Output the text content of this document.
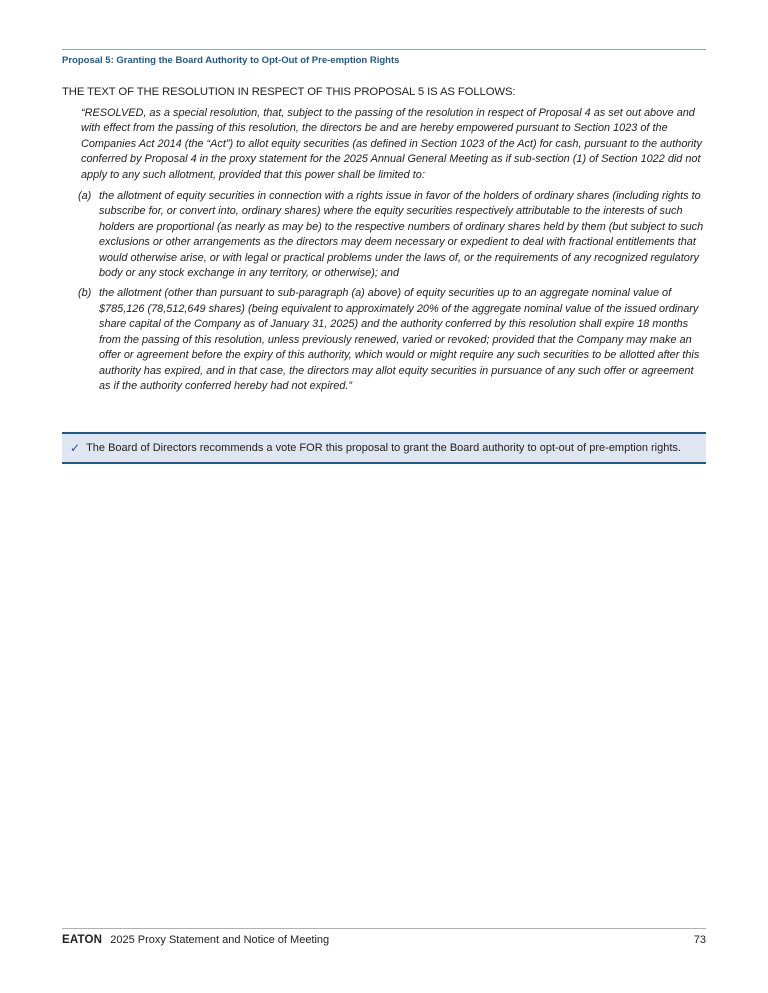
Proposal 5: Granting the Board Authority to Opt-Out of Pre-emption Rights
THE TEXT OF THE RESOLUTION IN RESPECT OF THIS PROPOSAL 5 IS AS FOLLOWS:
“RESOLVED, as a special resolution, that, subject to the passing of the resolution in respect of Proposal 4 as set out above and with effect from the passing of this resolution, the directors be and are hereby empowered pursuant to Section 1023 of the Companies Act 2014 (the “Act”) to allot equity securities (as defined in Section 1023 of the Act) for cash, pursuant to the authority conferred by Proposal 4 in the proxy statement for the 2025 Annual General Meeting as if sub-section (1) of Section 1022 did not apply to any such allotment, provided that this power shall be limited to:
(a) the allotment of equity securities in connection with a rights issue in favor of the holders of ordinary shares (including rights to subscribe for, or convert into, ordinary shares) where the equity securities respectively attributable to the interests of such holders are proportional (as nearly as may be) to the respective numbers of ordinary shares held by them (but subject to such exclusions or other arrangements as the directors may deem necessary or expedient to deal with fractional entitlements that would otherwise arise, or with legal or practical problems under the laws of, or the requirements of any recognized regulatory body or any stock exchange in any territory, or otherwise); and
(b) the allotment (other than pursuant to sub-paragraph (a) above) of equity securities up to an aggregate nominal value of $785,126 (78,512,649 shares) (being equivalent to approximately 20% of the aggregate nominal value of the issued ordinary share capital of the Company as of January 31, 2025) and the authority conferred by this resolution shall expire 18 months from the passing of this resolution, unless previously renewed, varied or revoked; provided that the Company may make an offer or agreement before the expiry of this authority, which would or might require any such securities to be allotted after this authority has expired, and in that case, the directors may allot equity securities in pursuance of any such offer or agreement as if the authority conferred hereby had not expired.”
✓ The Board of Directors recommends a vote FOR this proposal to grant the Board authority to opt-out of pre-emption rights.
EATON 2025 Proxy Statement and Notice of Meeting	73
